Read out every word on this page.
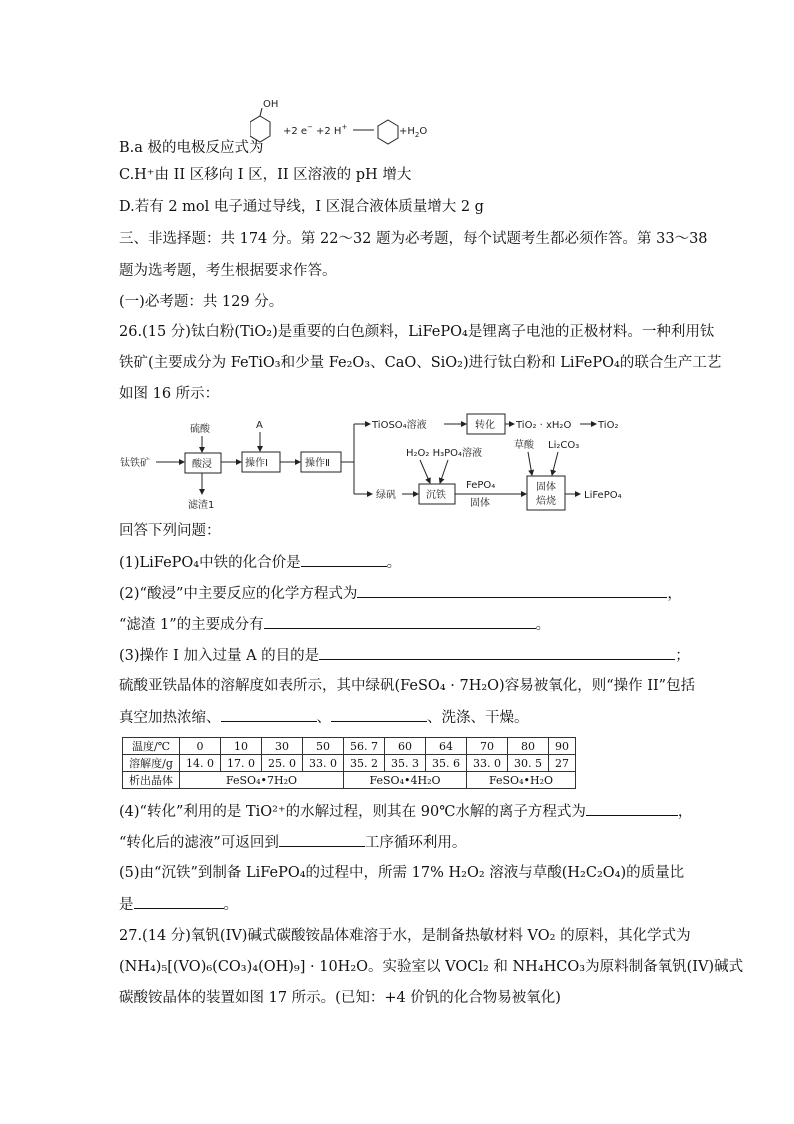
B.a 极的电极反应式为
OH
+2 e− +2 H+	$+H_2O$
C.H⁺由 II 区移向 I 区，II 区溶液的 pH 增大
D.若有 2 mol 电子通过导线，I 区混合液体质量增大 2 g
三、非选择题：共 174 分。第 22～32 题为必考题，每个试题考生都必须作答。第 33～38
题为选考题，考生根据要求作答。
(一)必考题：共 129 分。
26.(15 分)钛白粉(TiO₂)是重要的白色颜料，LiFePO₄是锂离子电池的正极材料。一种利用钛
铁矿(主要成分为 FeTiO₃和少量 Fe₂O₃、CaO、SiO₂)进行钛白粉和 LiFePO₄的联合生产工艺
如图 16 所示：
钛铁矿
硫酸
酸浸
滤渣1
A
操作Ⅰ	操作Ⅱ
TiOSO₄溶液	转化 TiO₂ · xH₂O	TiO₂
绿矾
H₂O₂ H₃PO₄溶液
沉铁
FePO₄
固体
草酸 Li₂CO₃
固体
焙烧
LiFePO₄
回答下列问题：
(1)LiFePO₄中铁的化合价是	。
(2)“酸浸”中主要反应的化学方程式为	，
“滤渣 1”的主要成分有	。
(3)操作 I 加入过量 A 的目的是	；
硫酸亚铁晶体的溶解度如表所示，其中绿矾(FeSO₄ · 7H₂O)容易被氧化，则“操作 II”包括
真空加热浓缩、	、	、洗涤、干燥。
温度/℃	0	10	30	50	56. 7	60	64	70	80	90
溶解度/g	14. 0	17. 0	25. 0	33. 0	35. 2	35. 3	35. 6	33. 0	30. 5	27
析出晶体	FeSO₄•7H₂O				FeSO₄•4H₂O			FeSO₄•H₂O		
(4)“转化”利用的是 TiO²⁺的水解过程，则其在 90℃水解的离子方程式为	，
“转化后的滤液”可返回到	工序循环利用。
(5)由“沉铁”到制备 LiFePO₄的过程中，所需 17% H₂O₂ 溶液与草酸(H₂C₂O₄)的质量比
是	。
27.(14 分)氧钒(IV)碱式碳酸铵晶体难溶于水，是制备热敏材料 VO₂ 的原料，其化学式为
(NH₄)₅[(VO)₆(CO₃)₄(OH)₉] · 10H₂O。实验室以 VOCl₂ 和 NH₄HCO₃为原料制备氧钒(IV)碱式
碳酸铵晶体的装置如图 17 所示。(已知：+4 价钒的化合物易被氧化)
